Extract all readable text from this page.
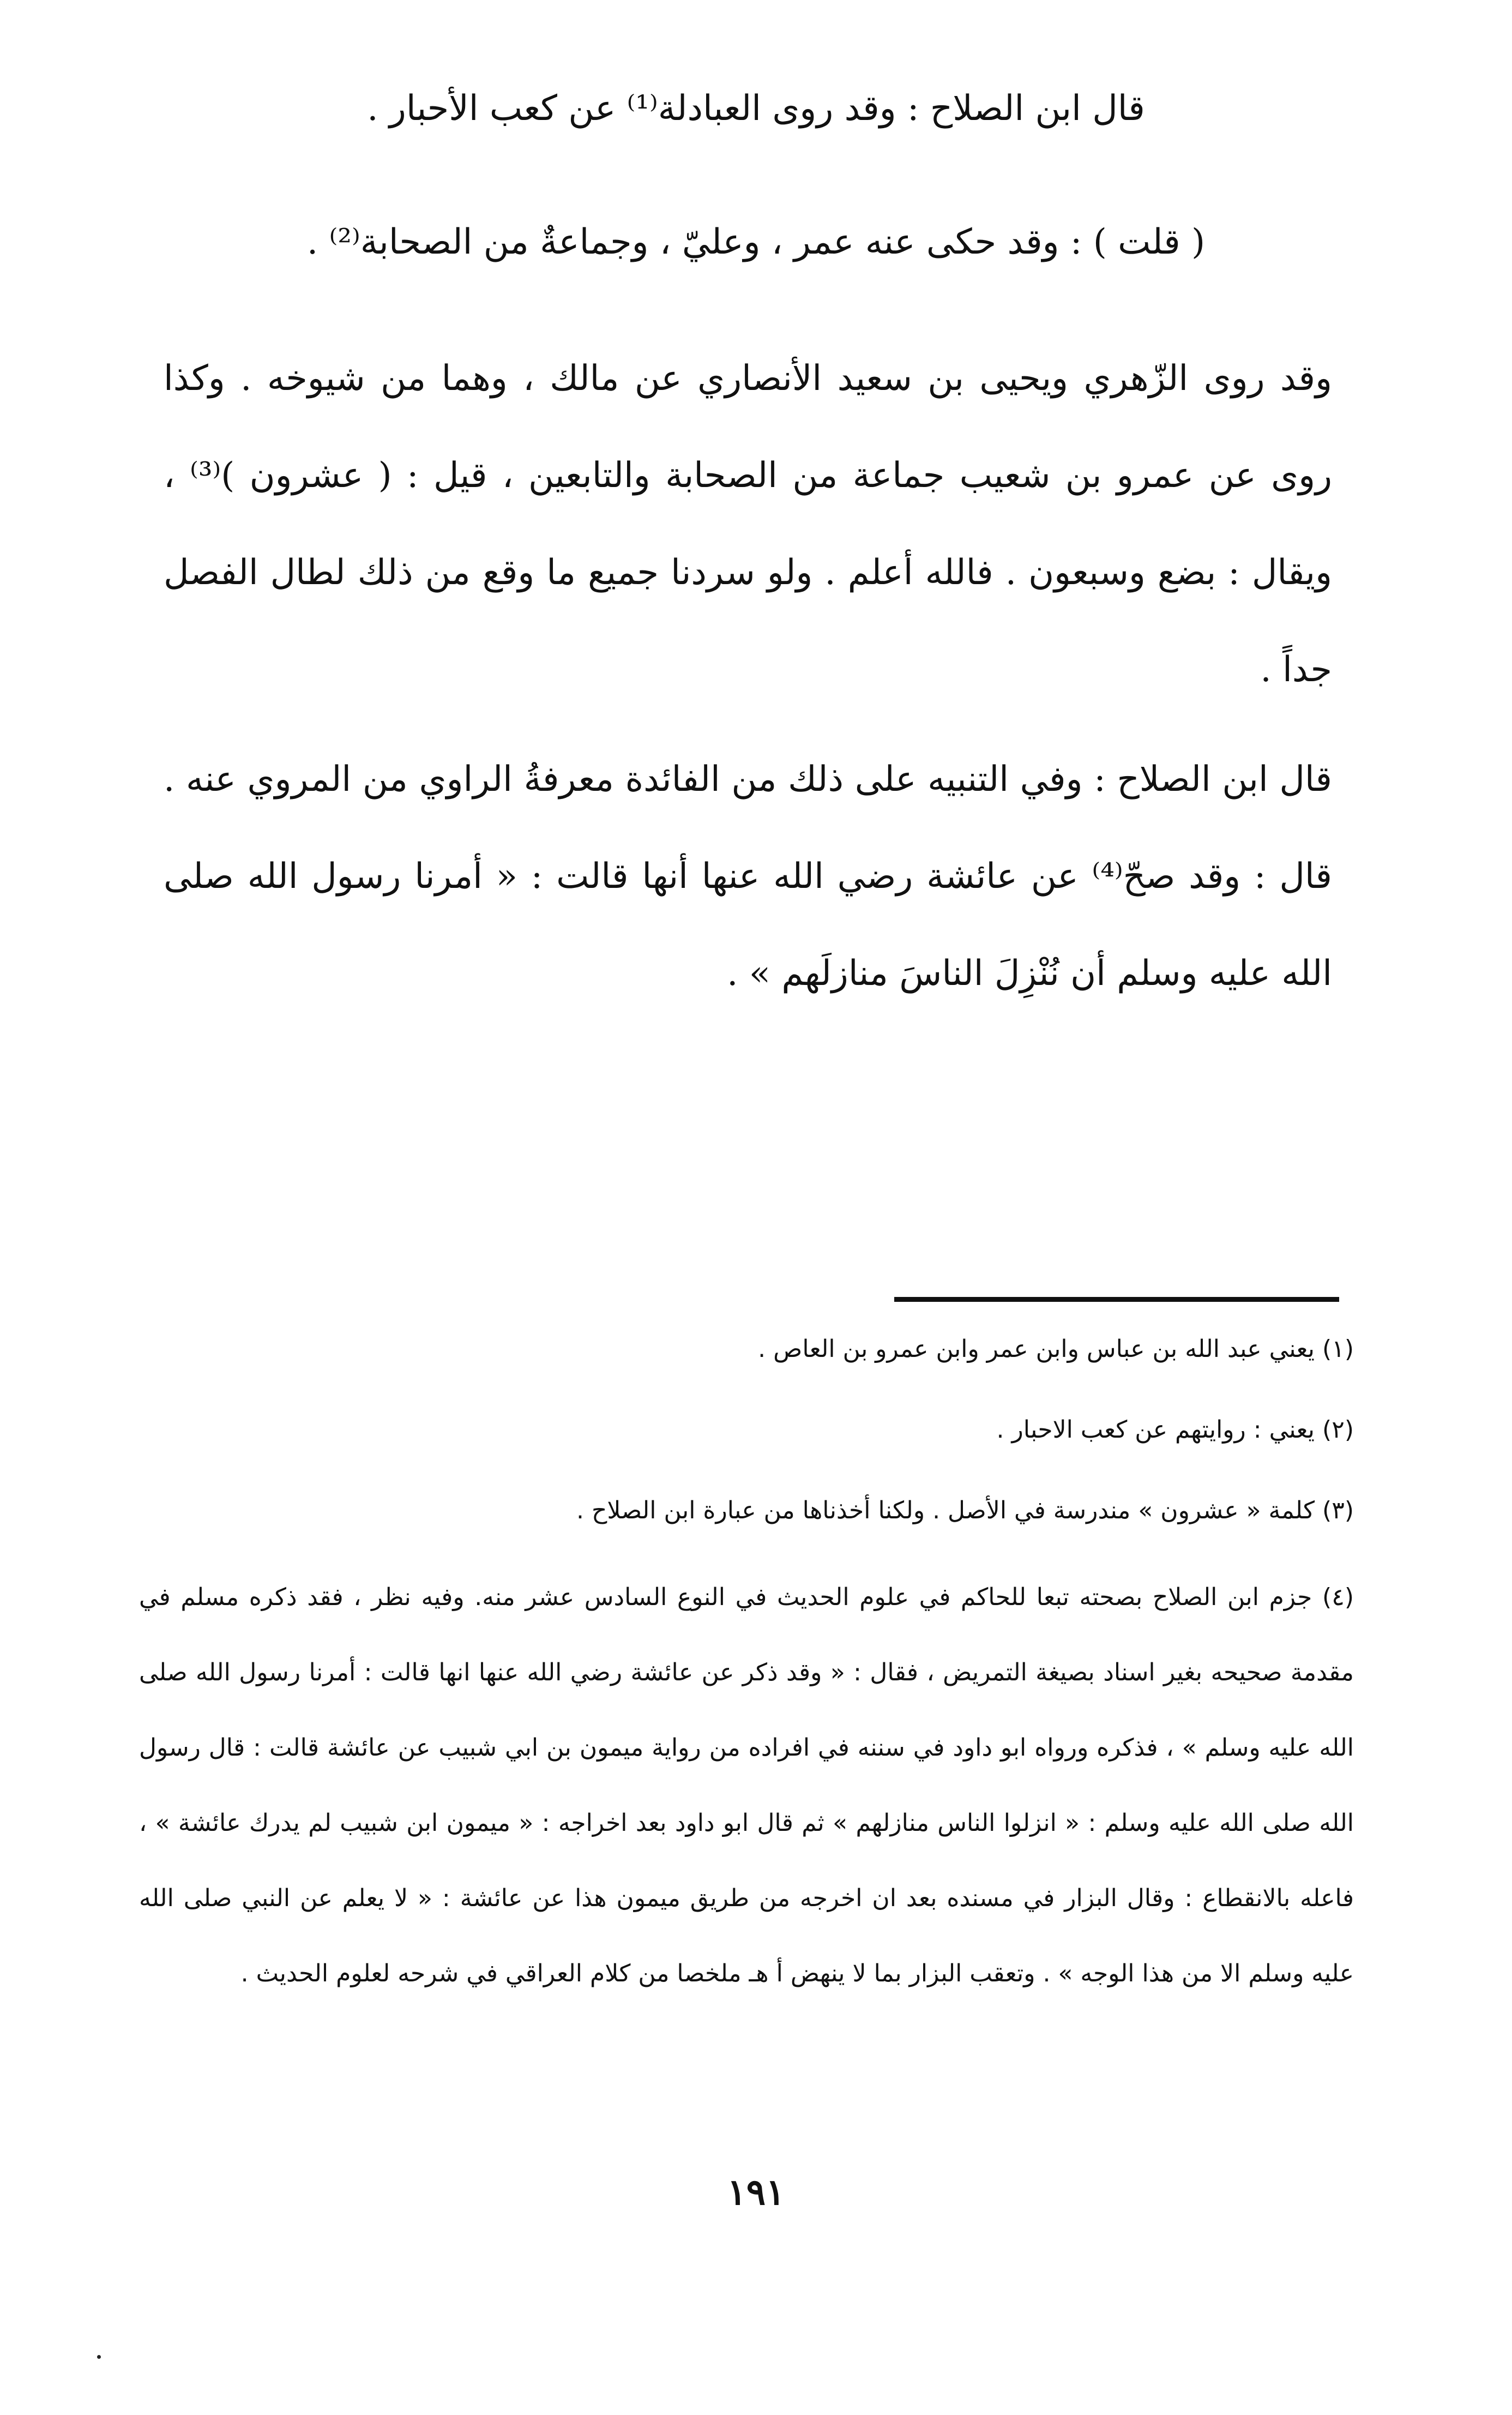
قال ابن الصلاح : وقد روى العبادلة⁽¹⁾ عن كعب الأحبار .

( قلت ) : وقد حكى عنه عمر ، وعليّ ، وجماعةٌ من الصحابة⁽²⁾ .

وقد روى الزّهري ويحيى بن سعيد الأنصاري عن مالك ، وهما من شيوخه . وكذا روى عن عمرو بن شعيب جماعة من الصحابة والتابعين ، قيل : ( عشرون )⁽³⁾ ، ويقال : بضع وسبعون . فالله أعلم . ولو سردنا جميع ما وقع من ذلك لطال الفصل جداً .

قال ابن الصلاح : وفي التنبيه على ذلك من الفائدة معرفةُ الراوي من المروي عنه . قال : وقد صحّ⁽⁴⁾ عن عائشة رضي الله عنها أنها قالت : « أمرنا رسول الله صلى الله عليه وسلم أن نُنْزِلَ الناسَ منازلَهم » .

(١) يعني عبد الله بن عباس وابن عمر وابن عمرو بن العاص .

(٢) يعني : روايتهم عن كعب الاحبار .

(٣) كلمة « عشرون » مندرسة في الأصل . ولكنا أخذناها من عبارة ابن الصلاح .

(٤) جزم ابن الصلاح بصحته تبعا للحاكم في علوم الحديث في النوع السادس عشر منه. وفيه نظر ، فقد ذكره مسلم في مقدمة صحيحه بغير اسناد بصيغة التمريض ، فقال : « وقد ذكر عن عائشة رضي الله عنها انها قالت : أمرنا رسول الله صلى الله عليه وسلم » ، فذكره ورواه ابو داود في سننه في افراده من رواية ميمون بن ابي شبيب عن عائشة قالت : قال رسول الله صلى الله عليه وسلم : « انزلوا الناس منازلهم » ثم قال ابو داود بعد اخراجه : « ميمون ابن شبيب لم يدرك عائشة » ، فاعله بالانقطاع : وقال البزار في مسنده بعد ان اخرجه من طريق ميمون هذا عن عائشة : « لا يعلم عن النبي صلى الله عليه وسلم الا من هذا الوجه » . وتعقب البزار بما لا ينهض أ هـ ملخصا من كلام العراقي في شرحه لعلوم الحديث .

١٩١
